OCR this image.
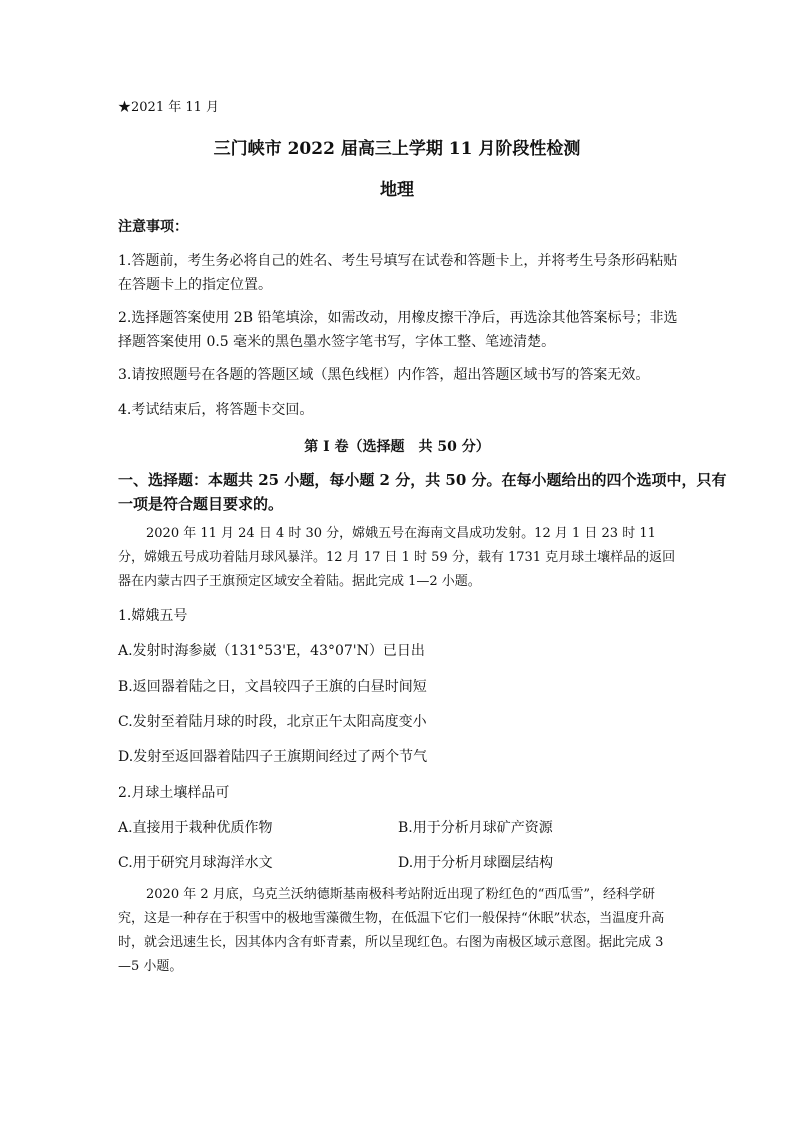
★2021 年 11 月
三门峡市 2022 届高三上学期 11 月阶段性检测
地理
注意事项：
1.答题前，考生务必将自己的姓名、考生号填写在试卷和答题卡上，并将考生号条形码粘贴
在答题卡上的指定位置。
2.选择题答案使用 2B 铅笔填涂，如需改动，用橡皮擦干净后，再选涂其他答案标号；非选
择题答案使用 0.5 毫米的黑色墨水签字笔书写，字体工整、笔迹清楚。
3.请按照题号在各题的答题区域（黑色线框）内作答，超出答题区域书写的答案无效。
4.考试结束后，将答题卡交回。
第 I 卷（选择题　共 50 分）
一、选择题：本题共 25 小题，每小题 2 分，共 50 分。在每小题给出的四个选项中，只有
一项是符合题目要求的。
2020 年 11 月 24 日 4 时 30 分，嫦娥五号在海南文昌成功发射。12 月 1 日 23 时 11 分，嫦娥五号成功着陆月球风暴洋。12 月 17 日 1 时 59 分，载有 1731 克月球土壤样品的返回器在内蒙古四子王旗预定区域安全着陆。据此完成 1—2 小题。
1.嫦娥五号
A.发射时海参崴（131°53'E，43°07'N）已日出
B.返回器着陆之日，文昌较四子王旗的白昼时间短
C.发射至着陆月球的时段，北京正午太阳高度变小
D.发射至返回器着陆四子王旗期间经过了两个节气
2.月球土壤样品可
A.直接用于栽种优质作物	B.用于分析月球矿产资源
C.用于研究月球海洋水文	D.用于分析月球圈层结构
2020 年 2 月底，乌克兰沃纳德斯基南极科考站附近出现了粉红色的“西瓜雪”，经科学研究，这是一种存在于积雪中的极地雪藻微生物，在低温下它们一般保持“休眠”状态，当温度升高时，就会迅速生长，因其体内含有虾青素，所以呈现红色。右图为南极区域示意图。据此完成 3—5 小题。
